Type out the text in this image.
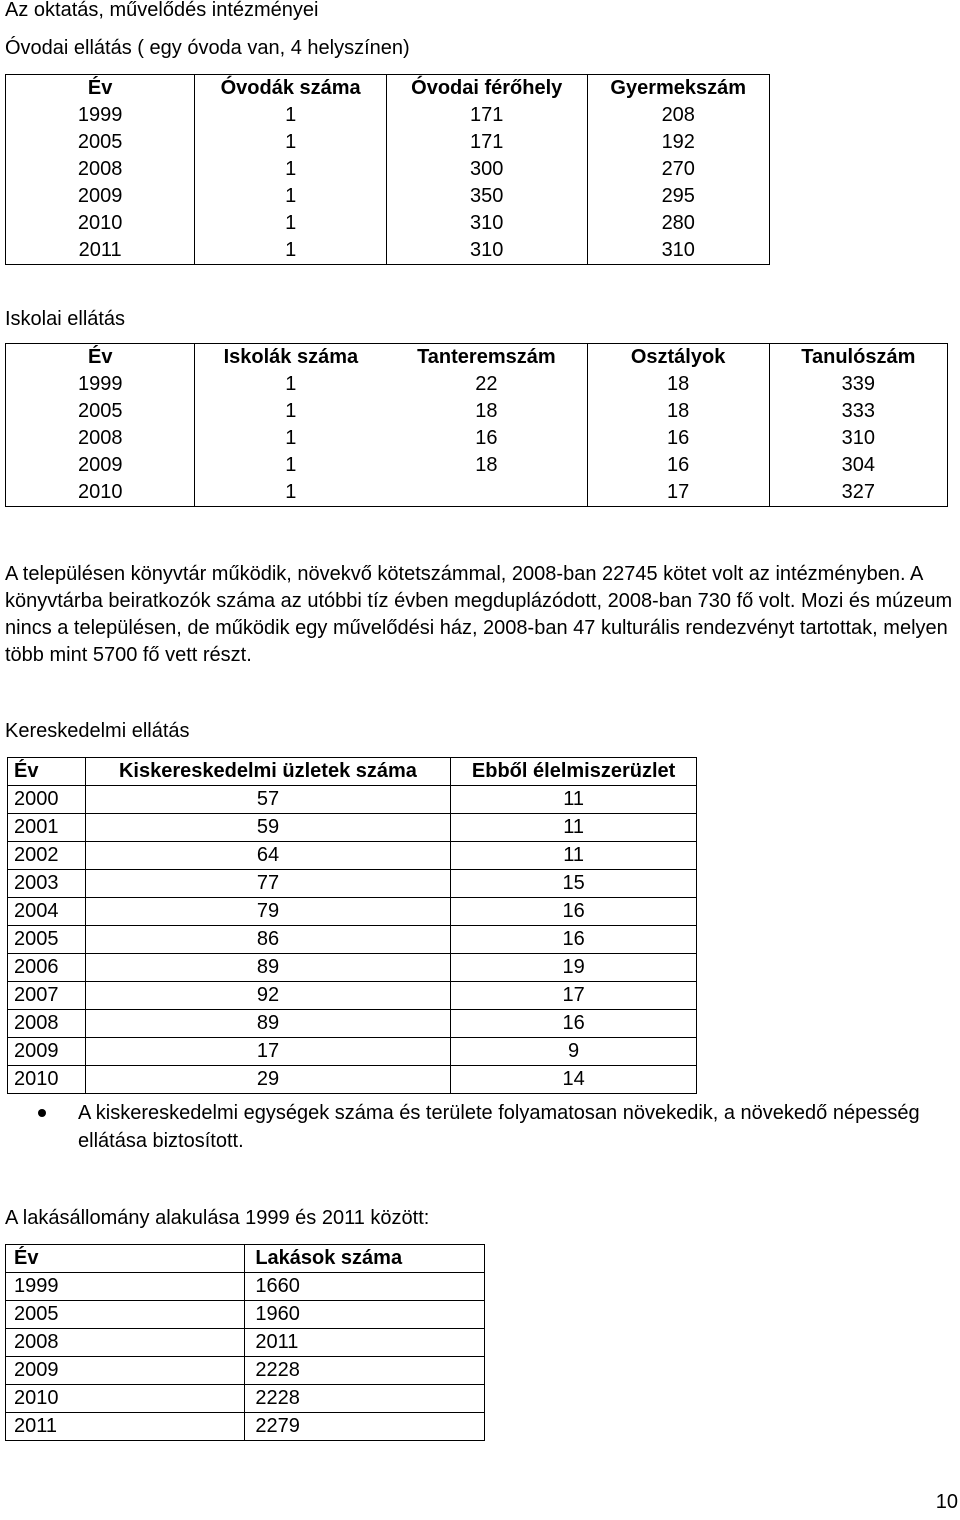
Az oktatás, művelődés intézményei
Óvodai ellátás ( egy óvoda van, 4 helyszínen)
Év	Óvodák száma	Óvodai férőhely	Gyermekszám
1999	1	171	208
2005	1	171	192
2008	1	300	270
2009	1	350	295
2010	1	310	280
2011	1	310	310
Iskolai ellátás
Év	Iskolák száma	Tanteremszám	Osztályok	Tanulószám
1999	1	22	18	339
2005	1	18	18	333
2008	1	16	16	310
2009	1	18	16	304
2010	1		17	327
A településen könyvtár működik, növekvő kötetszámmal, 2008-ban 22745 kötet volt az intézményben. A könyvtárba beiratkozók száma az utóbbi tíz évben megduplázódott, 2008-ban 730 fő volt. Mozi és múzeum nincs a településen, de működik egy művelődési ház, 2008-ban 47 kulturális rendezvényt tartottak, melyen több mint 5700 fő vett részt.
Kereskedelmi ellátás
Év	Kiskereskedelmi üzletek száma	Ebből élelmiszerüzlet
2000	57	11
2001	59	11
2002	64	11
2003	77	15
2004	79	16
2005	86	16
2006	89	19
2007	92	17
2008	89	16
2009	17	9
2010	29	14
A kiskereskedelmi egységek száma és területe folyamatosan növekedik, a növekedő népesség ellátása biztosított.
A lakásállomány alakulása 1999 és 2011 között:
Év	Lakások száma
1999	1660
2005	1960
2008	2011
2009	2228
2010	2228
2011	2279
10
